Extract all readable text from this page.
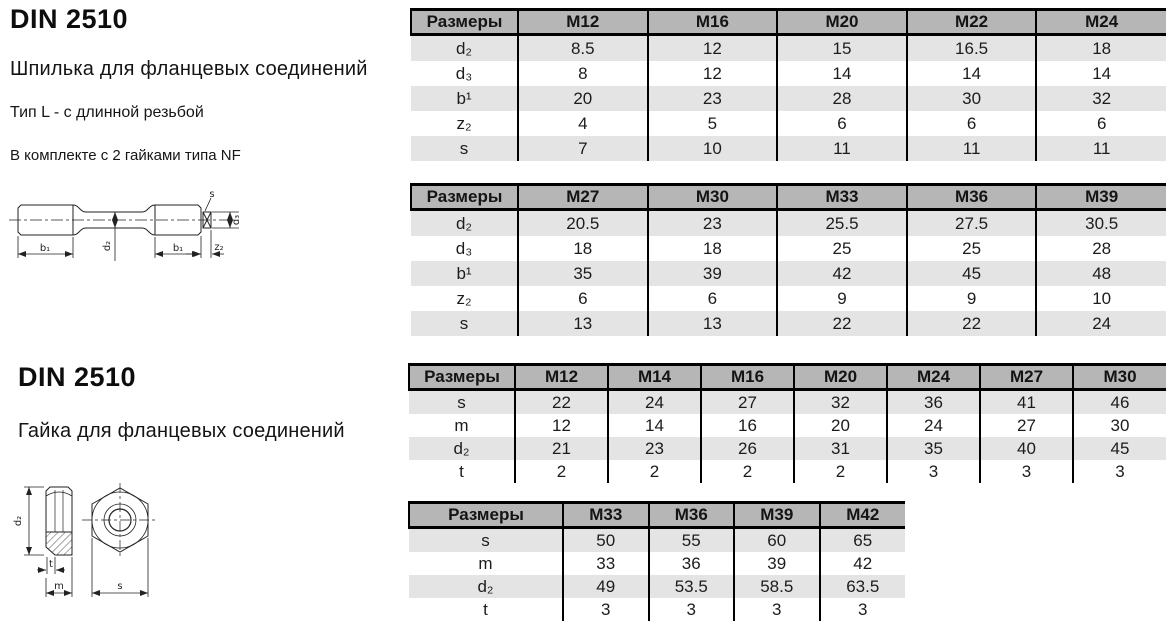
DIN 2510

Шпилька для фланцевых соединений

Тип L - с длинной резьбой

В комплекте с 2 гайками типа NF

b₁	d₂	b₁	z₂
s
d₃
DIN 2510

Гайка для фланцевых соединений

d₂
t
m	s
Размеры	M12	M16	M20	M22	M24
d₂	8.5	12	15	16.5	18
d₃	8	12	14	14	14
b¹	20	23	28	30	32
z₂	4	5	6	6	6
s	7	10	11	11	11
Размеры	M27	M30	M33	M36	M39
d₂	20.5	23	25.5	27.5	30.5
d₃	18	18	25	25	28
b¹	35	39	42	45	48
z₂	6	6	9	9	10
s	13	13	22	22	24
Размеры	M12	M14	M16	M20	M24	M27	M30
s	22	24	27	32	36	41	46
m	12	14	16	20	24	27	30
d₂	21	23	26	31	35	40	45
t	2	2	2	2	3	3	3
Размеры	M33	M36	M39	M42
s	50	55	60	65
m	33	36	39	42
d₂	49	53.5	58.5	63.5
t	3	3	3	3
